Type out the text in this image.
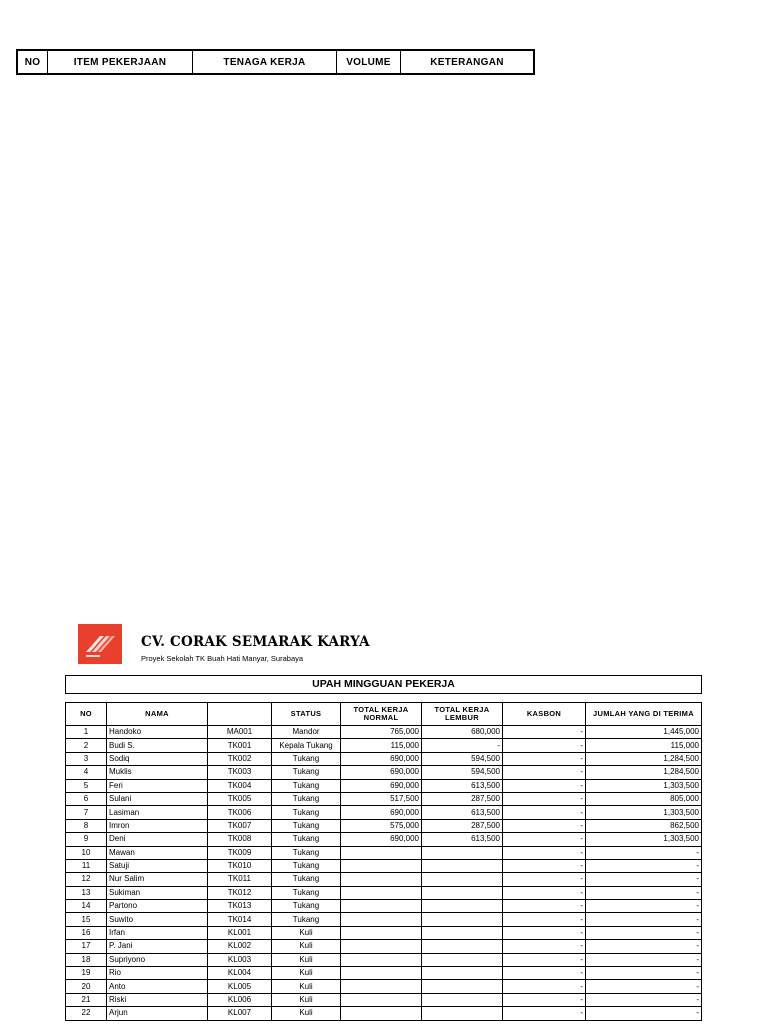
NO	ITEM PEKERJAAN	TENAGA KERJA	VOLUME	KETERANGAN
CV. CORAK SEMARAK KARYA
Proyek Sekolah TK Buah Hati Manyar, Surabaya
UPAH MINGGUAN PEKERJA
NO	NAMA		STATUS	TOTAL KERJA NORMAL	TOTAL KERJA LEMBUR	KASBON	JUMLAH YANG DI TERIMA
1	Handoko	MA001	Mandor	765,000	680,000	-	1,445,000
2	Budi S.	TK001	Kepala Tukang	115,000	-	-	115,000
3	Sodiq	TK002	Tukang	690,000	594,500	-	1,284,500
4	Muklis	TK003	Tukang	690,000	594,500	-	1,284,500
5	Feri	TK004	Tukang	690,000	613,500	-	1,303,500
6	Sulani	TK005	Tukang	517,500	287,500	-	805,000
7	Lasiman	TK006	Tukang	690,000	613,500	-	1,303,500
8	Imron	TK007	Tukang	575,000	287,500	-	862,500
9	Deni	TK008	Tukang	690,000	613,500	-	1,303,500
10	Mawan	TK009	Tukang			-	-
11	Satuji	TK010	Tukang			-	-
12	Nur Salim	TK011	Tukang			-	-
13	Sukiman	TK012	Tukang			-	-
14	Partono	TK013	Tukang			-	-
15	Suwito	TK014	Tukang			-	-
16	Irfan	KL001	Kuli			-	-
17	P. Jani	KL002	Kuli			-	-
18	Supriyono	KL003	Kuli			-	-
19	Rio	KL004	Kuli			-	-
20	Anto	KL005	Kuli			-	-
21	Riski	KL006	Kuli			-	-
22	Arjun	KL007	Kuli			-	-
